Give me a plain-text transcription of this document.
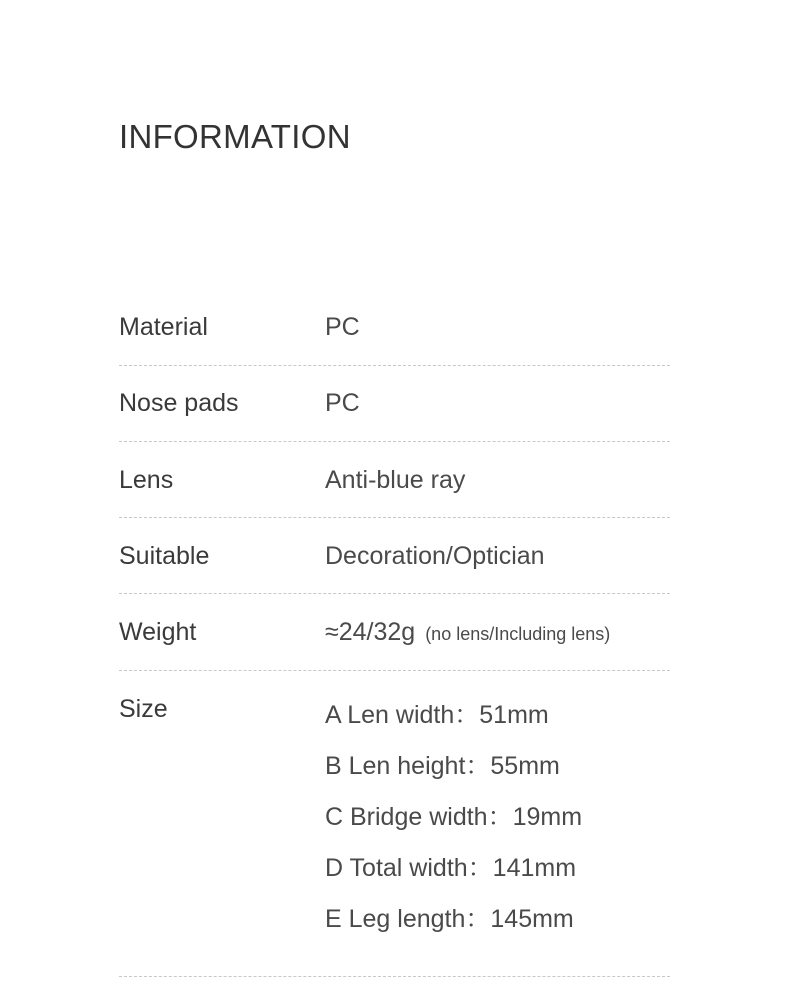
INFORMATION
Material	PC
Nose pads	PC
Lens	Anti-blue ray
Suitable	Decoration/Optician
Weight	≈24/32g (no lens/Including lens)
Size	A Len width：51mm
B Len height：55mm
C Bridge width：19mm
D Total width：141mm
E Leg length：145mm
